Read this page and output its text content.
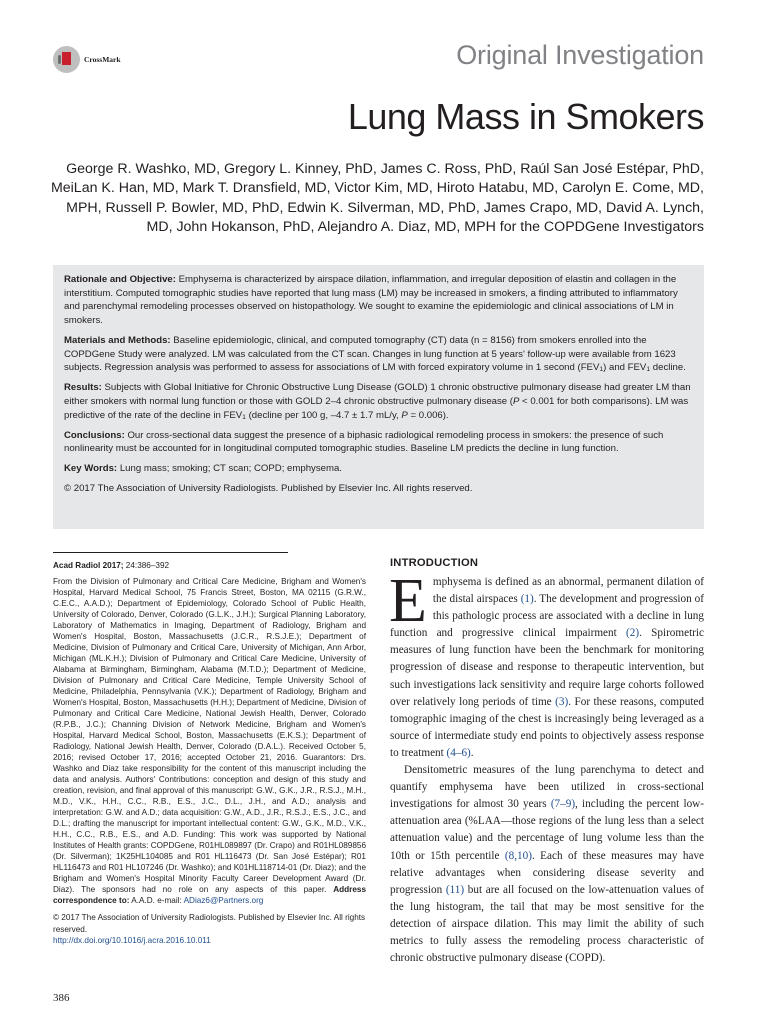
CrossMark	Original Investigation
Lung Mass in Smokers

George R. Washko, MD, Gregory L. Kinney, PhD, James C. Ross, PhD, Raúl San José Estépar, PhD, MeiLan K. Han, MD, Mark T. Dransfield, MD, Victor Kim, MD, Hiroto Hatabu, MD, Carolyn E. Come, MD, MPH, Russell P. Bowler, MD, PhD, Edwin K. Silverman, MD, PhD, James Crapo, MD, David A. Lynch, MD, John Hokanson, PhD, Alejandro A. Diaz, MD, MPH for the COPDGene Investigators

Rationale and Objective: Emphysema is characterized by airspace dilation, inflammation, and irregular deposition of elastin and collagen in the interstitium. Computed tomographic studies have reported that lung mass (LM) may be increased in smokers, a finding attributed to inflammatory and parenchymal remodeling processes observed on histopathology. We sought to examine the epidemiologic and clinical associations of LM in smokers.

Materials and Methods: Baseline epidemiologic, clinical, and computed tomography (CT) data (n = 8156) from smokers enrolled into the COPDGene Study were analyzed. LM was calculated from the CT scan. Changes in lung function at 5 years' follow-up were available from 1623 subjects. Regression analysis was performed to assess for associations of LM with forced expiratory volume in 1 second $(FEV_1)$ and $FEV_1$ decline.

Results: Subjects with Global Initiative for Chronic Obstructive Lung Disease (GOLD) 1 chronic obstructive pulmonary disease had greater LM than either smokers with normal lung function or those with GOLD 2–4 chronic obstructive pulmonary disease (P < 0.001 for both comparisons). LM was predictive of the rate of the decline in $FEV_1$ (decline per 100 g, –4.7 ± 1.7 mL/y, P = 0.006).

Conclusions: Our cross-sectional data suggest the presence of a biphasic radiological remodeling process in smokers: the presence of such nonlinearity must be accounted for in longitudinal computed tomographic studies. Baseline LM predicts the decline in lung function.

Key Words: Lung mass; smoking; CT scan; COPD; emphysema.

© 2017 The Association of University Radiologists. Published by Elsevier Inc. All rights reserved.

Acad Radiol 2017; 24:386–392

From the Division of Pulmonary and Critical Care Medicine, Brigham and Women's Hospital, Harvard Medical School, 75 Francis Street, Boston, MA 02115 (G.R.W., C.E.C., A.A.D.); Department of Epidemiology, Colorado School of Public Health, University of Colorado, Denver, Colorado (G.L.K., J.H.); Surgical Planning Laboratory, Laboratory of Mathematics in Imaging, Department of Radiology, Brigham and Women's Hospital, Boston, Massachusetts (J.C.R., R.S.J.E.); Department of Medicine, Division of Pulmonary and Critical Care, University of Michigan, Ann Arbor, Michigan (ML.K.H.); Division of Pulmonary and Critical Care Medicine, University of Alabama at Birmingham, Birmingham, Alabama (M.T.D.); Department of Medicine, Division of Pulmonary and Critical Care Medicine, Temple University School of Medicine, Philadelphia, Pennsylvania (V.K.); Department of Radiology, Brigham and Women's Hospital, Boston, Massachusetts (H.H.); Department of Medicine, Division of Pulmonary and Critical Care Medicine, National Jewish Health, Denver, Colorado (R.P.B., J.C.); Channing Division of Network Medicine, Brigham and Women's Hospital, Harvard Medical School, Boston, Massachusetts (E.K.S.); Department of Radiology, National Jewish Health, Denver, Colorado (D.A.L.). Received October 5, 2016; revised October 17, 2016; accepted October 21, 2016. Guarantors: Drs. Washko and Diaz take responsibility for the content of this manuscript including the data and analysis. Authors' Contributions: conception and design of this study and creation, revision, and final approval of this manuscript: G.W., G.K., J.R., R.S.J., M.H., M.D., V.K., H.H., C.C., R.B., E.S., J.C., D.L., J.H., and A.D.; analysis and interpretation: G.W. and A.D.; data acquisition: G.W., A.D., J.R., R.S.J., E.S., J.C., and D.L.; drafting the manuscript for important intellectual content: G.W., G.K., M.D., V.K., H.H., C.C., R.B., E.S., and A.D. Funding: This work was supported by National Institutes of Health grants: COPDGene, R01HL089897 (Dr. Crapo) and R01HL089856 (Dr. Silverman); 1K25HL104085 and R01 HL116473 (Dr. San José Estépar); R01 HL116473 and R01 HL107246 (Dr. Washko); and K01HL118714-01 (Dr. Diaz); and the Brigham and Women's Hospital Minority Faculty Career Development Award (Dr. Diaz). The sponsors had no role on any aspects of this paper. Address correspondence to: A.A.D. e-mail: ADiaz6@Partners.org

© 2017 The Association of University Radiologists. Published by Elsevier Inc. All rights reserved.
http://dx.doi.org/10.1016/j.acra.2016.10.011

INTRODUCTION

Emphysema is defined as an abnormal, permanent dilation of the distal airspaces (1). The development and progression of this pathologic process are associated with a decline in lung function and progressive clinical impairment (2). Spirometric measures of lung function have been the benchmark for monitoring progression of disease and response to therapeutic intervention, but such investigations lack sensitivity and require large cohorts followed over relatively long periods of time (3). For these reasons, computed tomographic imaging of the chest is increasingly being leveraged as a source of intermediate study end points to objectively assess response to treatment (4–6).

Densitometric measures of the lung parenchyma to detect and quantify emphysema have been utilized in cross-sectional investigations for almost 30 years (7–9), including the percent low-attenuation area (%LAA—those regions of the lung less than a select attenuation value) and the percentage of lung volume less than the 10th or 15th percentile (8,10). Each of these measures may have relative advantages when considering disease severity and progression (11) but are all focused on the low-attenuation values of the lung histogram, the tail that may be most sensitive for the detection of airspace dilation. This may limit the ability of such metrics to fully assess the remodeling process characteristic of chronic obstructive pulmonary disease (COPD).

386
